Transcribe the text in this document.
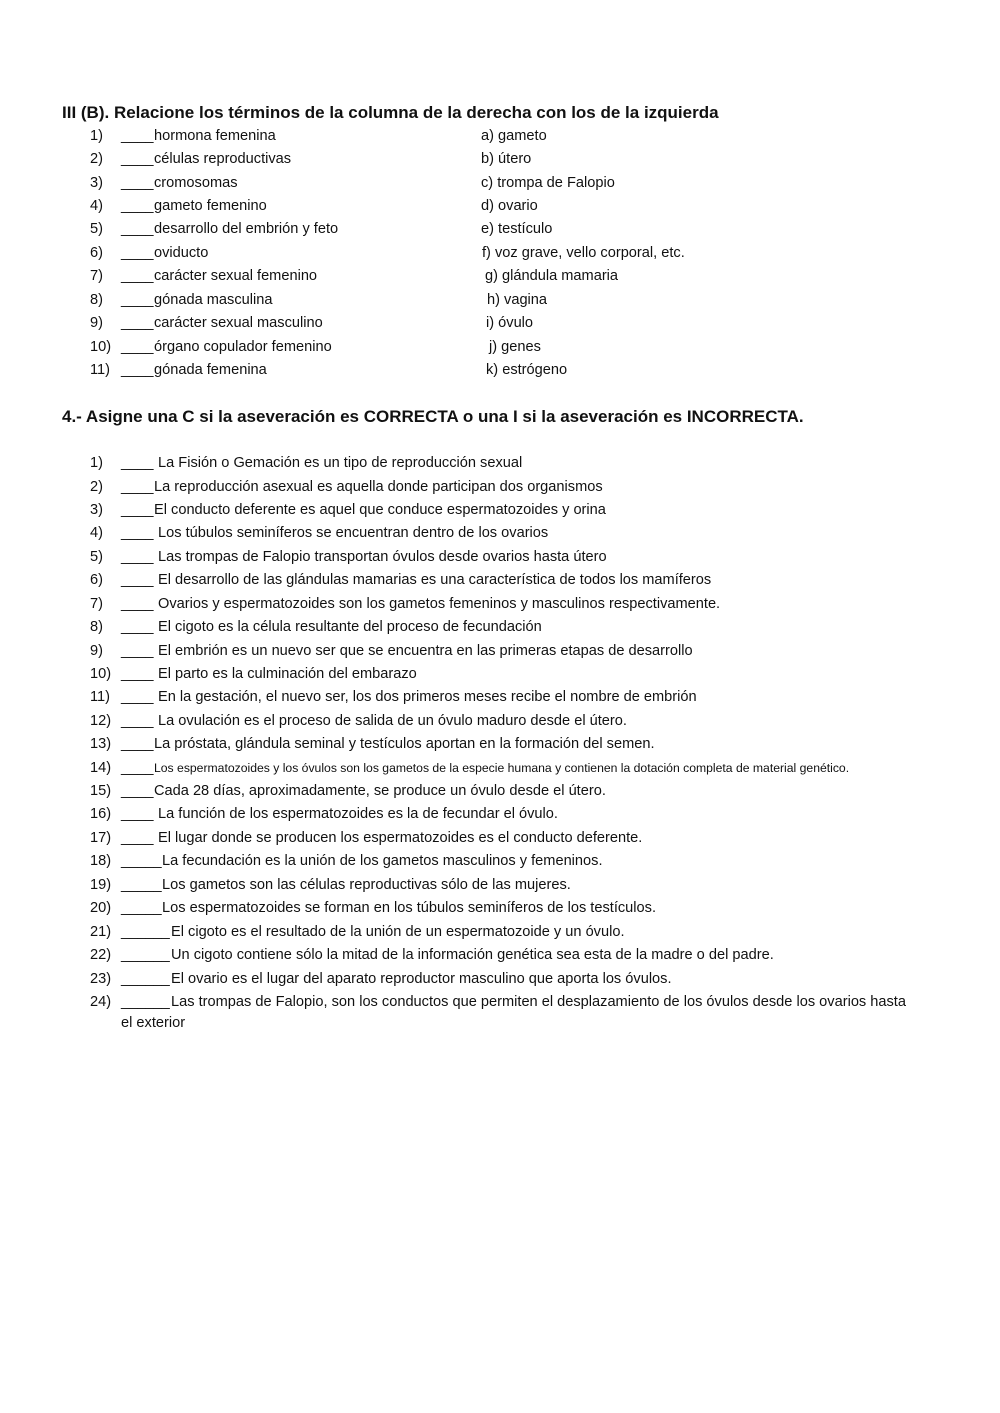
III (B). Relacione los términos de la columna de la derecha con los de la izquierda
1) ____ hormona femenina	a) gameto
2) ____ células reproductivas	b) útero
3) ____ cromosomas	c) trompa de Falopio
4) ____ gameto femenino	d) ovario
5) ____ desarrollo del embrión y feto	e) testículo
6) ____ oviducto	f) voz grave, vello corporal, etc.
7) ____ carácter sexual femenino	g) glándula mamaria
8) ____ gónada masculina	h) vagina
9) ____ carácter sexual masculino	i) óvulo
10) ____ órgano copulador femenino	j) genes
11) ____ gónada femenina	k) estrógeno
4.- Asigne una C si la aseveración es CORRECTA o una I si la aseveración es INCORRECTA.
1) ____ La Fisión o Gemación es un tipo de reproducción sexual
2) ____ La reproducción asexual es aquella donde participan dos organismos
3) ____ El conducto deferente es aquel que conduce espermatozoides y orina
4) ____ Los túbulos seminíferos se encuentran dentro de los ovarios
5) ____ Las trompas de Falopio transportan óvulos desde ovarios hasta útero
6) ____ El desarrollo de las glándulas mamarias es una característica de todos los mamíferos
7) ____ Ovarios y espermatozoides son los gametos femeninos y masculinos respectivamente.
8) ____ El cigoto es la célula resultante del proceso de fecundación
9) ____ El embrión es un nuevo ser que se encuentra en las primeras etapas de desarrollo
10) ____ El parto es la culminación del embarazo
11) ____ En la gestación, el nuevo ser, los dos primeros meses recibe el nombre de embrión
12) ____ La ovulación es el proceso de salida de un óvulo maduro desde el útero.
13) ____ La próstata, glándula seminal y testículos aportan en la formación del semen.
14) ____ Los espermatozoides y los óvulos son los gametos de la especie humana y contienen la dotación completa de material genético.
15) ____ Cada 28 días, aproximadamente, se produce un óvulo desde el útero.
16) ____ La función de los espermatozoides es la de fecundar el óvulo.
17) ____ El lugar donde se producen los espermatozoides es el conducto deferente.
18) _____ La fecundación es la unión de los gametos masculinos y femeninos.
19) _____ Los gametos son las células reproductivas sólo de las mujeres.
20) _____ Los espermatozoides se forman en los túbulos seminíferos de los testículos.
21) ______ El cigoto es el resultado de la unión de un espermatozoide y un óvulo.
22) ______ Un cigoto contiene sólo la mitad de la información genética sea esta de la madre o del padre.
23) ______ El ovario es el lugar del aparato reproductor masculino que aporta los óvulos.
24) ______ Las trompas de Falopio, son los conductos que permiten el desplazamiento de los óvulos desde los ovarios hasta
el exterior
